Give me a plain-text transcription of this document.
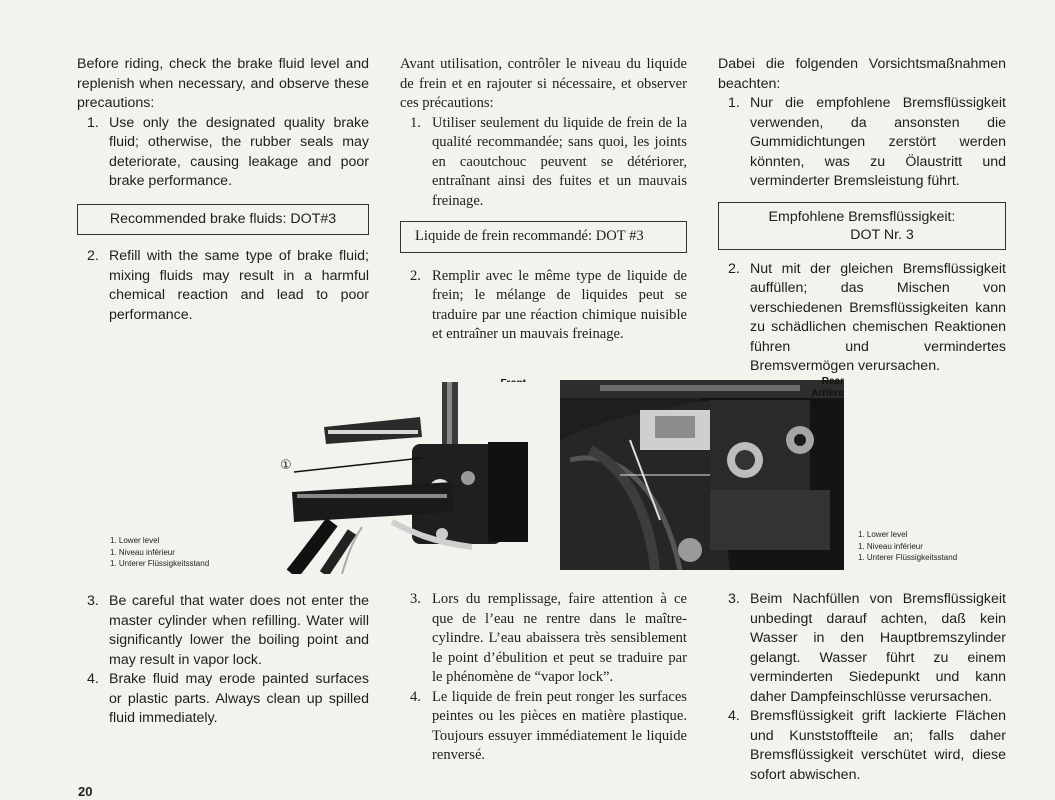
Before riding, check the brake fluid level and replenish when necessary, and observe these precautions:

1. Use only the designated quality brake fluid; otherwise, the rubber seals may deteriorate, causing leakage and poor brake performance.
Recommended brake fluids: DOT#3
2. Refill with the same type of brake fluid; mixing fluids may result in a harmful chemical reaction and lead to poor performance.

Avant utilisation, contrôler le niveau du liquide de frein et en rajouter si nécessaire, et observer ces précautions:

1. Utiliser seulement du liquide de frein de la qualité recommandée; sans quoi, les joints en caoutchouc peuvent se détériorer, entraînant ainsi des fuites et un mauvais freinage.
Liquide de frein recommandé: DOT #3
2. Remplir avec le même type de liquide de frein; le mélange de liquides peut se traduire par une réaction chimique nuisible et entraîner un mauvais freinage.

Dabei die folgenden Vorsichtsmaßnahmen beachten:

1. Nur die empfohlene Bremsflüssigkeit verwenden, da ansonsten die Gummidichtungen zerstört werden könnten, was zu Ölaustritt und verminderter Bremsleistung führt.
Empfohlene Bremsflüssigkeit:
DOT Nr. 3
2. Nut mit der gleichen Bremsflüssigkeit auffüllen; das Mischen von verschiedenen Bremsflüssigkeiten kann zu schädlichen chemischen Reaktionen führen und vermindertes Bremsvermögen verursachen.
①
1. Lower level
1. Niveau inférieur
1. Unterer Flüssigkeitsstand
Rear
Arrière
Hinten
1. Lower level
1. Niveau inférieur
1. Unterer Flüssigkeitsstand
3. Be careful that water does not enter the master cylinder when refilling. Water will significantly lower the boiling point and may result in vapor lock.
4. Brake fluid may erode painted surfaces or plastic parts. Always clean up spilled fluid immediately.
3. Lors du remplissage, faire attention à ce que de l’eau ne rentre dans le maître-cylindre. L’eau abaissera très sensiblement le point d’ébulition et peut se traduire par le phénomène de “vapor lock”.
4. Le liquide de frein peut ronger les surfaces peintes ou les pièces en matière plastique. Toujours essuyer immédiatement le liquide renversé.
3. Beim Nachfüllen von Bremsflüssigkeit unbedingt darauf achten, daß kein Wasser in den Hauptbremszylinder gelangt. Wasser führt zu einem verminderten Siedepunkt und kann daher Dampfeinschlüsse verursachen.
4. Bremsflüssigkeit grift lackierte Flächen und Kunststoffteile an; falls daher Bremsflüssigkeit verschütet wird, diese sofort abwischen.
20
